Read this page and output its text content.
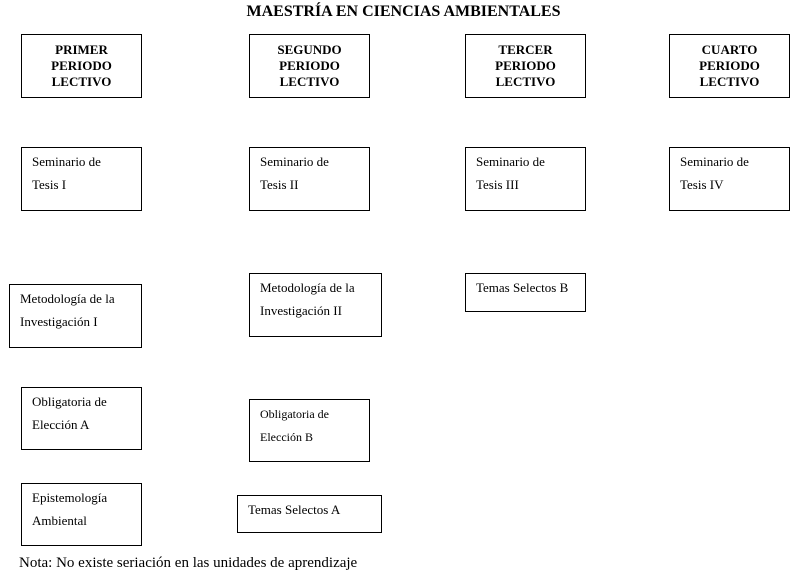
MAESTRÍA EN CIENCIAS AMBIENTALES
PRIMER
PERIODO
LECTIVO
SEGUNDO
PERIODO
LECTIVO
TERCER
PERIODO
LECTIVO
CUARTO
PERIODO
LECTIVO
Seminario de
Tesis I
Seminario de
Tesis II
Seminario de
Tesis III
Seminario de
Tesis IV
Metodología de la
Investigación I
Metodología de la
Investigación II
Temas Selectos B
Obligatoria de
Elección A
Obligatoria de
Elección B
Epistemología
Ambiental
Temas Selectos A
Nota: No existe seriación en las unidades de aprendizaje
